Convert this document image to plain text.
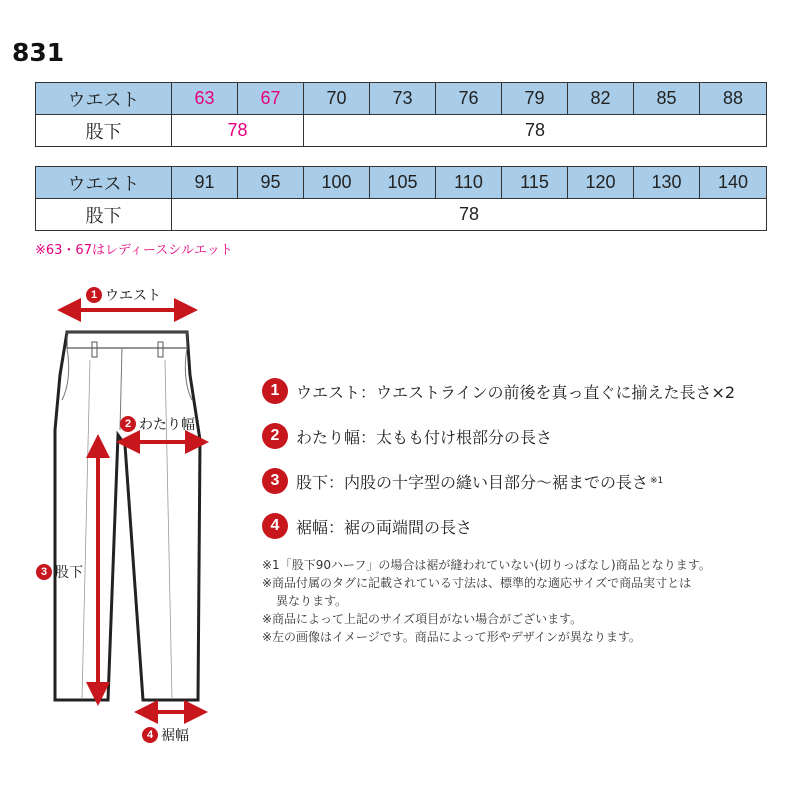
831
ウエスト	63	67	70	73	76	79	82	85	88
股下	78		78						
ウエスト	91	95	100	105	110	115	120	130	140
股下	78								
※63・67はレディースシルエット
1 ウエスト
2 わたり幅
3 股下
4 裾幅
1	ウエスト：ウエストラインの前後を真っ直ぐに揃えた長さ×2
2	わたり幅：太もも付け根部分の長さ
3	股下：内股の十字型の縫い目部分〜裾までの長さ ※1
4	裾幅：裾の両端間の長さ
※1「股下90ハーフ」の場合は裾が縫われていない(切りっぱなし)商品となります。
※商品付属のタグに記載されている寸法は、標準的な適応サイズで商品実寸とは
異なります。
※商品によって上記のサイズ項目がない場合がございます。
※左の画像はイメージです。商品によって形やデザインが異なります。
